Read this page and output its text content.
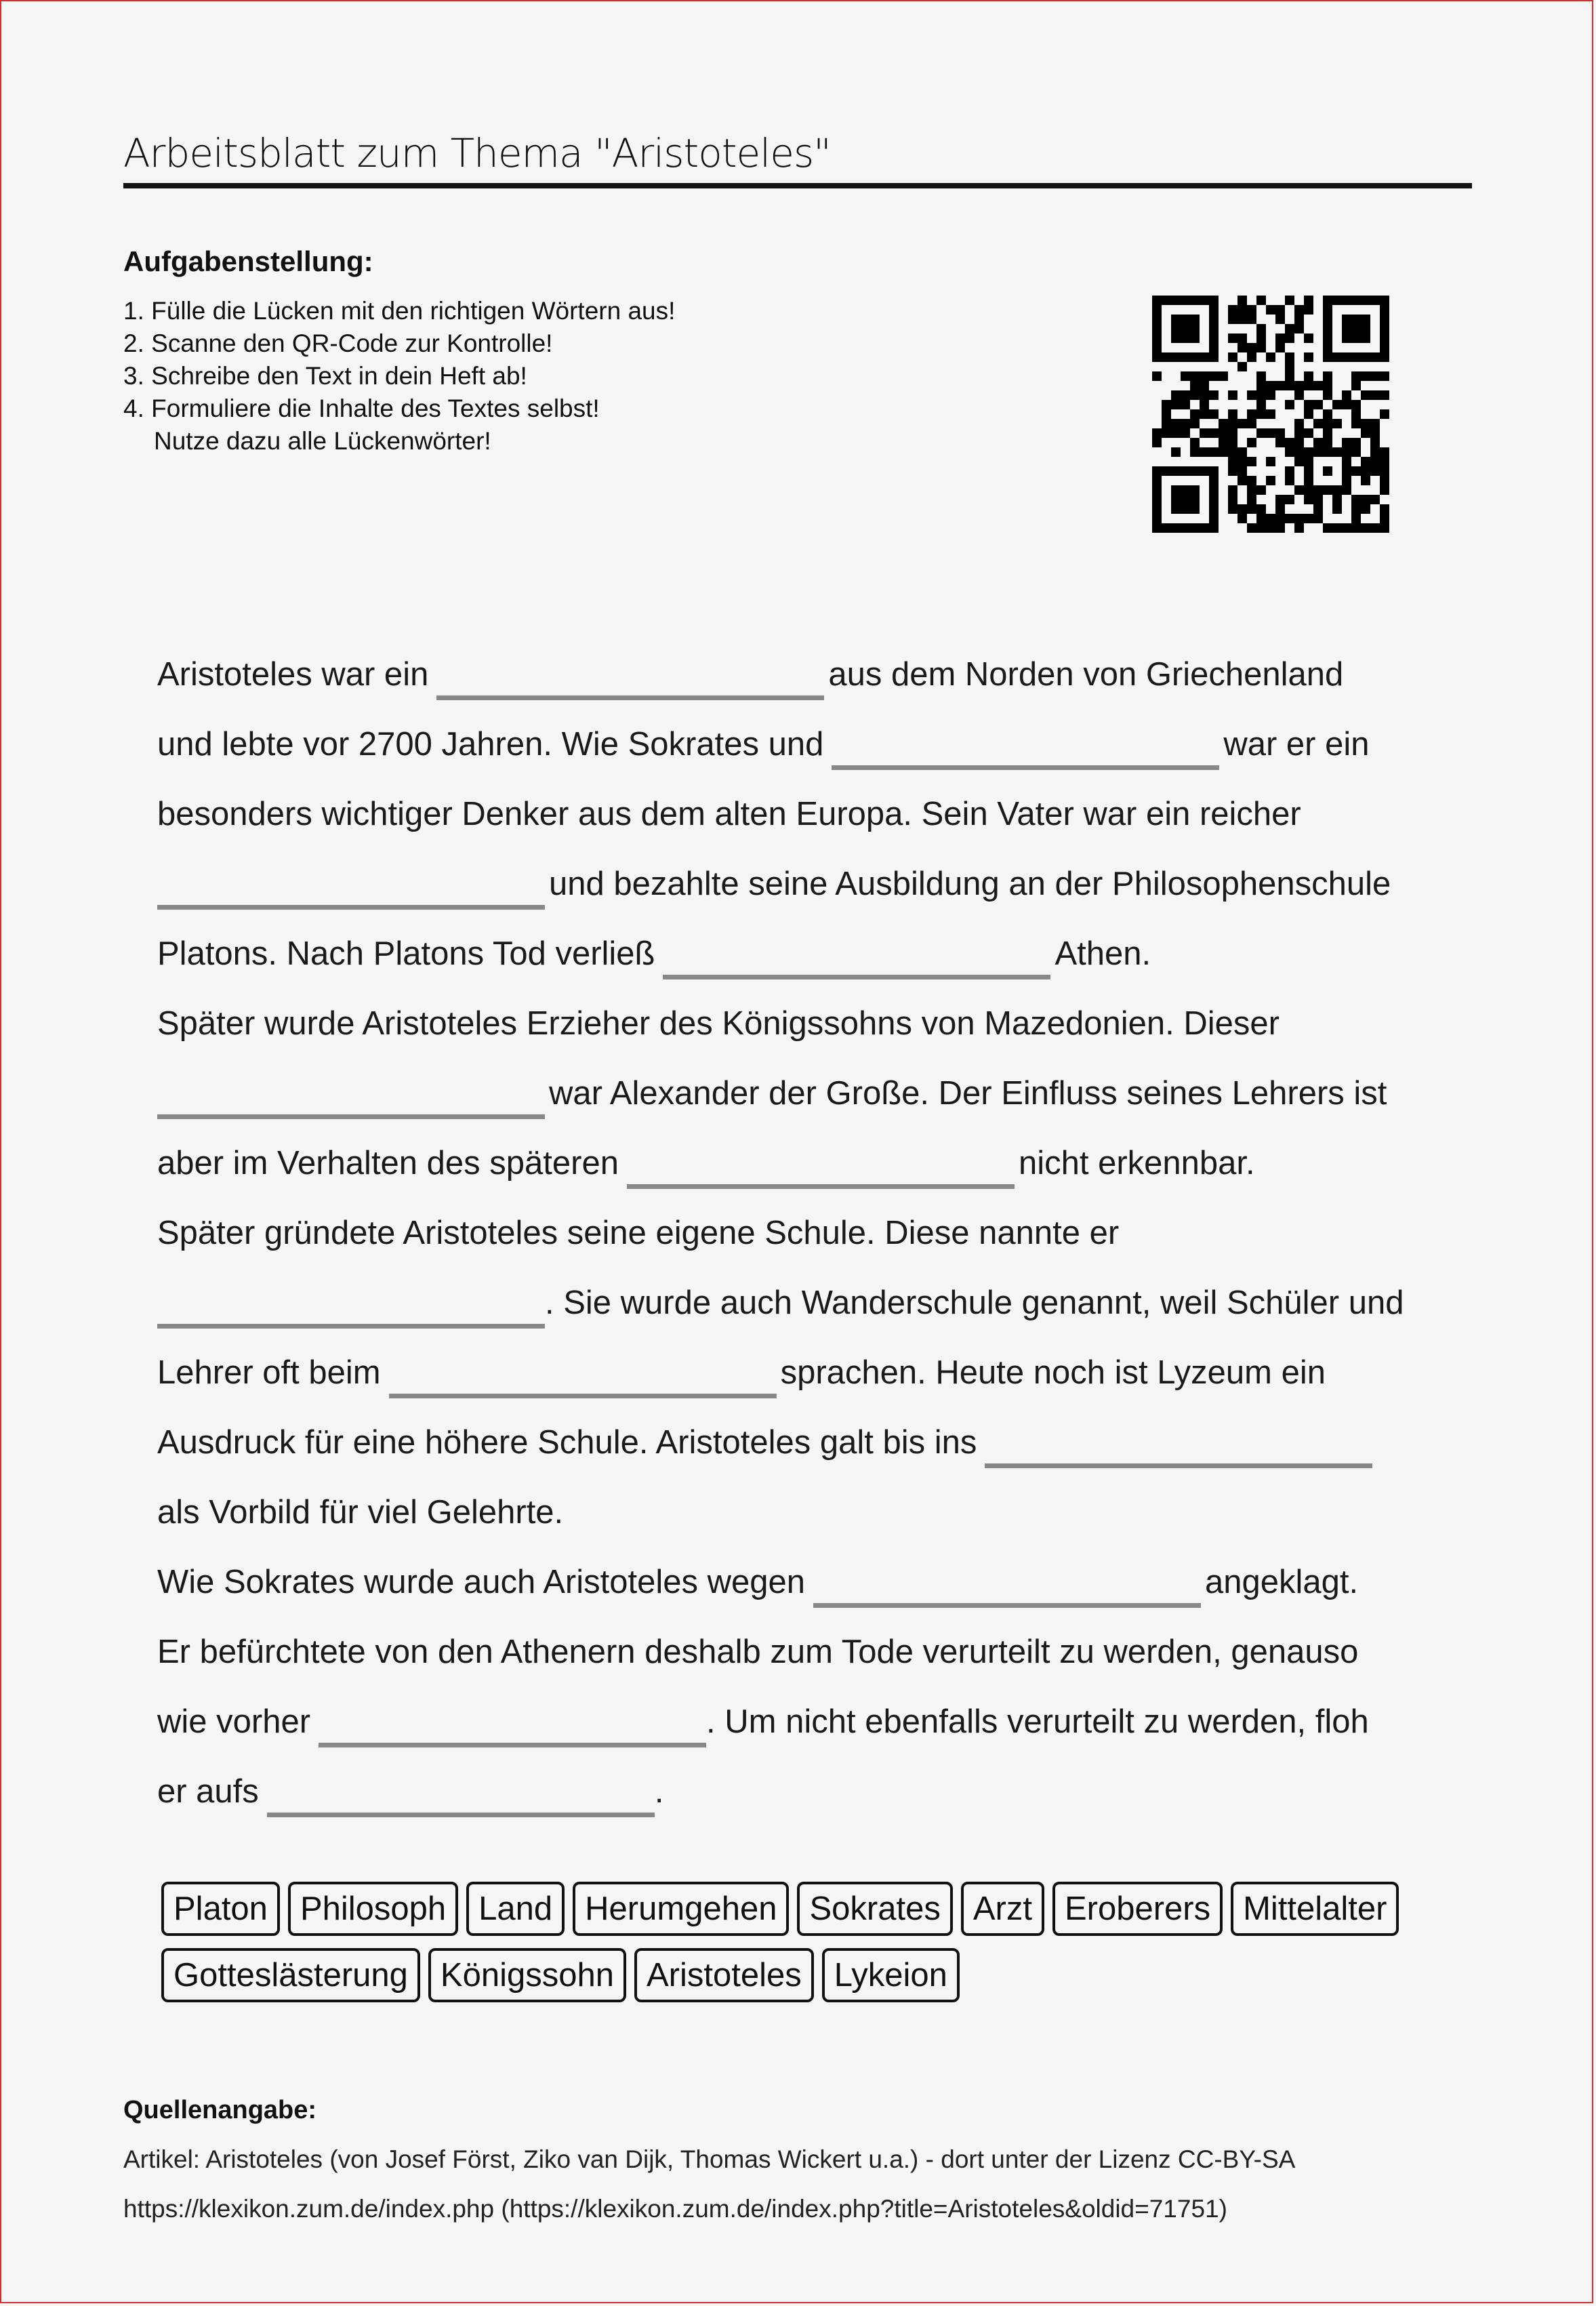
Arbeitsblatt zum Thema "Aristoteles"
Aufgabenstellung:
1. Fülle die Lücken mit den richtigen Wörtern aus!
2. Scanne den QR-Code zur Kontrolle!
3. Schreibe den Text in dein Heft ab!
4. Formuliere die Inhalte des Textes selbst!
Nutze dazu alle Lückenwörter!
Aristoteles war ein	aus dem Norden von Griechenland
und lebte vor 2700 Jahren. Wie Sokrates und	war er ein
besonders wichtiger Denker aus dem alten Europa. Sein Vater war ein reicher
und bezahlte seine Ausbildung an der Philosophenschule
Platons. Nach Platons Tod verließ	Athen.
Später wurde Aristoteles Erzieher des Königssohns von Mazedonien. Dieser
war Alexander der Große. Der Einfluss seines Lehrers ist
aber im Verhalten des späteren	nicht erkennbar.
Später gründete Aristoteles seine eigene Schule. Diese nannte er
. Sie wurde auch Wanderschule genannt, weil Schüler und
Lehrer oft beim	sprachen. Heute noch ist Lyzeum ein
Ausdruck für eine höhere Schule. Aristoteles galt bis ins
als Vorbild für viel Gelehrte.
Wie Sokrates wurde auch Aristoteles wegen	angeklagt.
Er befürchtete von den Athenern deshalb zum Tode verurteilt zu werden, genauso
wie vorher	. Um nicht ebenfalls verurteilt zu werden, floh
er aufs	.
Platon Philosoph Land Herumgehen Sokrates Arzt Eroberers Mittelalter
Gotteslästerung Königssohn Aristoteles Lykeion
Quellenangabe:
Artikel: Aristoteles (von Josef Först, Ziko van Dijk, Thomas Wickert u.a.) - dort unter der Lizenz CC-BY-SA
https://klexikon.zum.de/index.php (https://klexikon.zum.de/index.php?title=Aristoteles&oldid=71751)
